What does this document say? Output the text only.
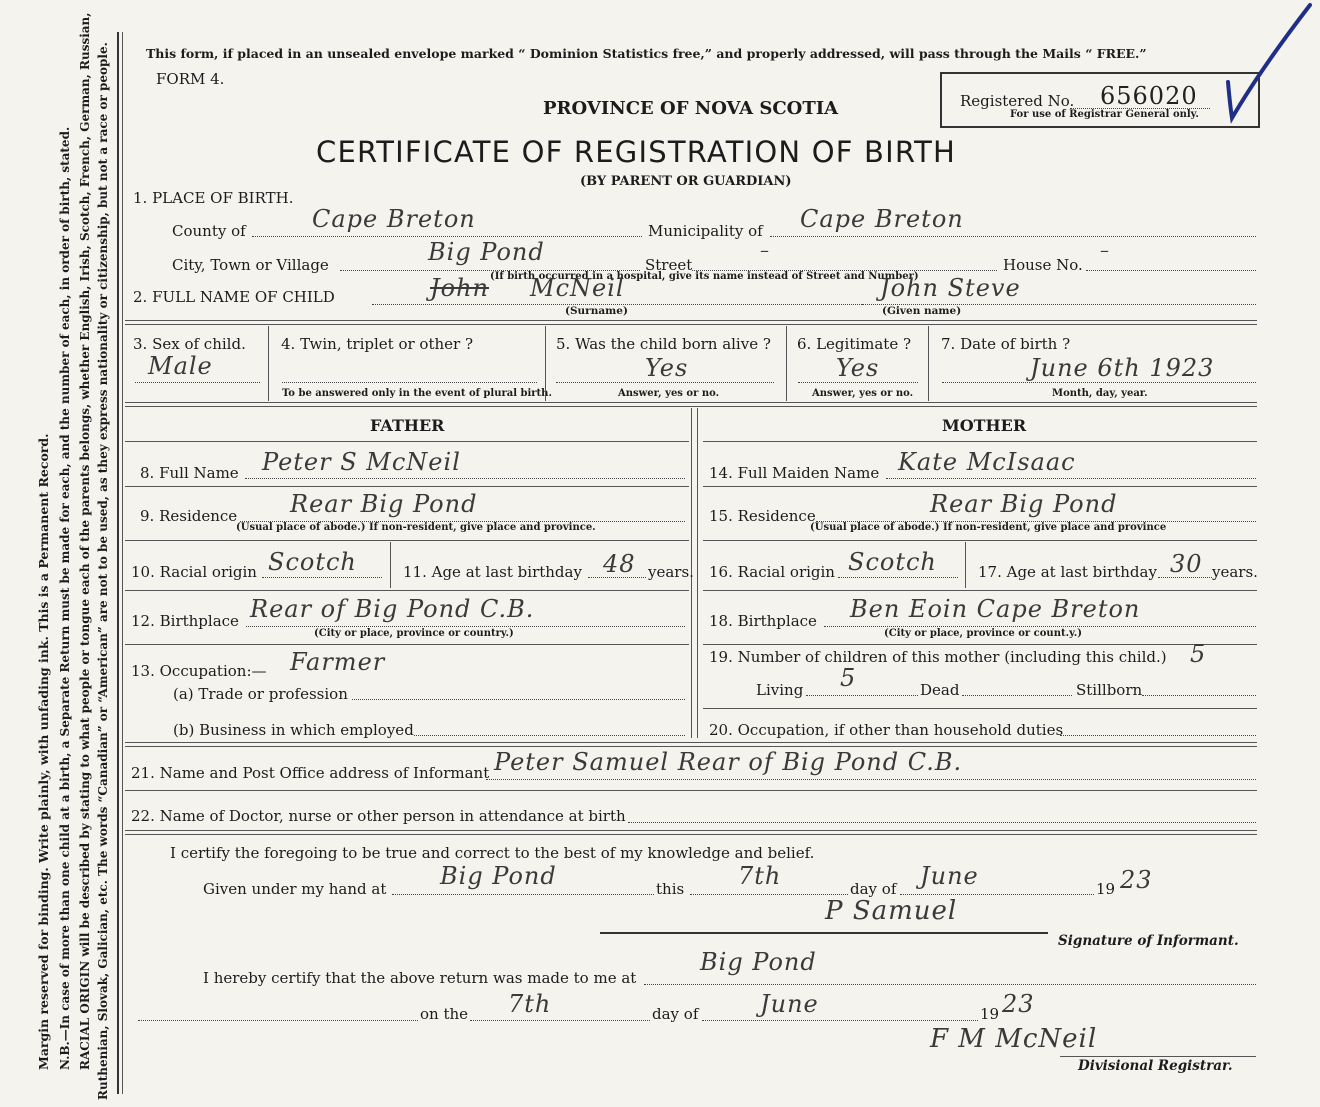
Margin reserved for binding. Write plainly, with unfading ink. This is a Permanent Record. N.B.—In case of more than one child at a birth, a Separate Return must be made for each, and the number of each, in order of birth, stated. RACIAL ORIGIN will be described by stating to what people or tongue each of the parents belongs, whether English, Irish, Scotch, French, German, Russian, Ruthenian, Slovak, Galician, etc. The words “Canadian” or “American” are not to be used, as they express nationality or citizenship, but not a race or people.	This form, if placed in an unsealed envelope marked “ Dominion Statistics free,” and properly addressed, will pass through the Mails “ FREE.”
FORM 4.
PROVINCE OF NOVA SCOTIA	Registered No. 656020
For use of Registrar General only.
CERTIFICATE OF REGISTRATION OF BIRTH
(BY PARENT OR GUARDIAN)
1. PLACE OF BIRTH.
County of	Cape Breton	Municipality of Cape Breton
City, Town or Village	Big Pond	Street
–
House No.
–
(If birth occurred in a hospital, give its name instead of Street and Number)
2. FULL NAME OF CHILD	John McNeil
(Surname)
John Steve
(Given name)
3. Sex of child.
Male
4. Twin, triplet or other ?
To be answered only in the event of plural birth.
5. Was the child born alive ?
Yes
Answer, yes or no.
6. Legitimate ?
Yes
Answer, yes or no.
7. Date of birth ?
June 6th 1923
Month, day, year.
FATHER	MOTHER
8. Full Name Peter S McNeil
9. Residence Rear Big Pond
(Usual place of abode.) If non-resident, give place and province.
10. Racial origin Scotch	11. Age at last birthday 48 years.
12. Birthplace Rear of Big Pond C.B.
(City or place, province or country.)
13. Occupation:— Farmer
(a) Trade or profession
(b) Business in which employed
14. Full Maiden Name Kate McIsaac
15. Residence	Rear Big Pond
(Usual place of abode.) If non-resident, give place and province
16. Racial origin Scotch	17. Age at last birthday 30 years.
18. Birthplace Ben Eoin Cape Breton
(City or place, province or count.y.)
19. Number of children of this mother (including this child.) 5
Living 5	Dead	Stillborn
20. Occupation, if other than household duties
21. Name and Post Office address of Informant Peter Samuel Rear of Big Pond C.B.
22. Name of Doctor, nurse or other person in attendance at birth
I certify the foregoing to be true and correct to the best of my knowledge and belief.
Given under my hand at Big Pond	this 7th	day of June	19 23
P Samuel
Signature of Informant.
I hereby certify that the above return was made to me at
Big Pond
on the 7th	day of	June	19 23
F M McNeil
Divisional Registrar.
